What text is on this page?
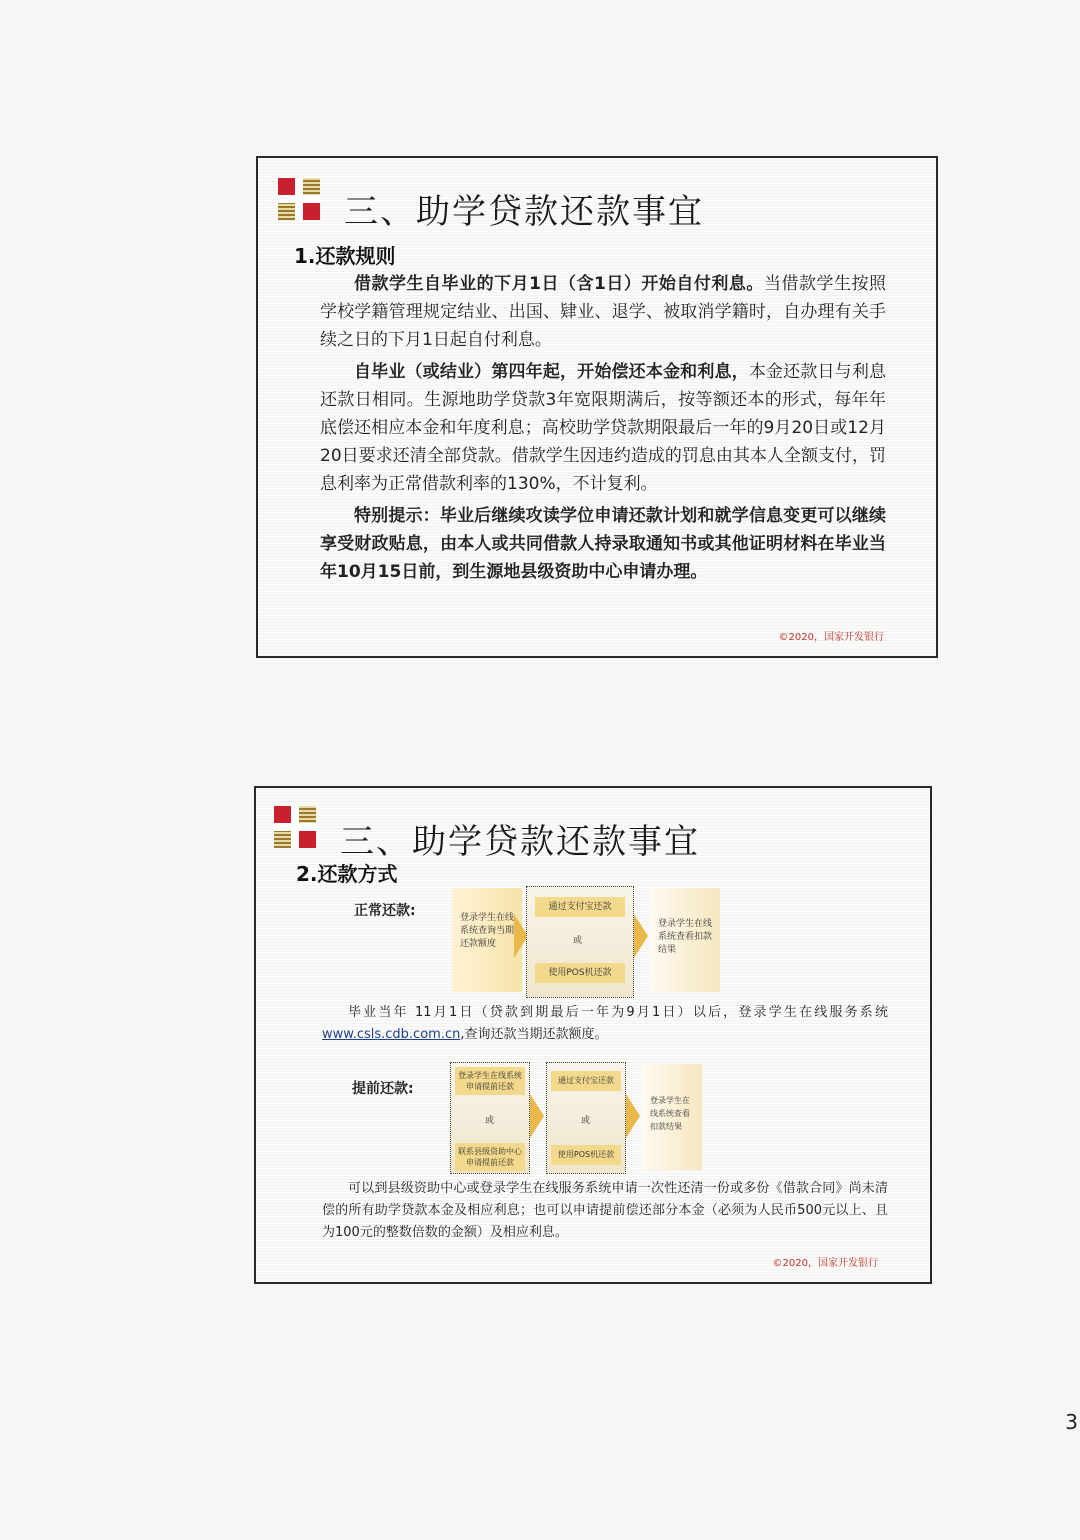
三、助学贷款还款事宜
1.还款规则
借款学生自毕业的下月1日（含1日）开始自付利息。当借款学生按照学校学籍管理规定结业、出国、肄业、退学、被取消学籍时，自办理有关手续之日的下月1日起自付利息。
自毕业（或结业）第四年起，开始偿还本金和利息，本金还款日与利息还款日相同。生源地助学贷款3年宽限期满后，按等额还本的形式，每年年底偿还相应本金和年度利息；高校助学贷款期限最后一年的9月20日或12月20日要求还清全部贷款。借款学生因违约造成的罚息由其本人全额支付，罚息利率为正常借款利率的130%，不计复利。
特别提示：毕业后继续攻读学位申请还款计划和就学信息变更可以继续享受财政贴息，由本人或共同借款人持录取通知书或其他证明材料在毕业当年10月15日前，到生源地县级资助中心申请办理。
©2020，国家开发银行
三、助学贷款还款事宜
2.还款方式
正常还款:	登录学生在线系统查询当期还款额度
通过支付宝还款
或
使用POS机还款
登录学生在线系统查看扣款结果
毕业当年 11月1日（贷款到期最后一年为9月1日）以后，登录学生在线服务系统www.csls.cdb.com.cn,查询还款当期还款额度。
提前还款:
登录学生在线系统申请提前还款
或
联系县级资助中心申请提前还款
通过支付宝还款
或
使用POS机还款
登录学生在线系统查看扣款结果
可以到县级资助中心或登录学生在线服务系统申请一次性还清一份或多份《借款合同》尚未清偿的所有助学贷款本金及相应利息；也可以申请提前偿还部分本金（必须为人民币500元以上、且为100元的整数倍数的金额）及相应利息。
©2020，国家开发银行
3
